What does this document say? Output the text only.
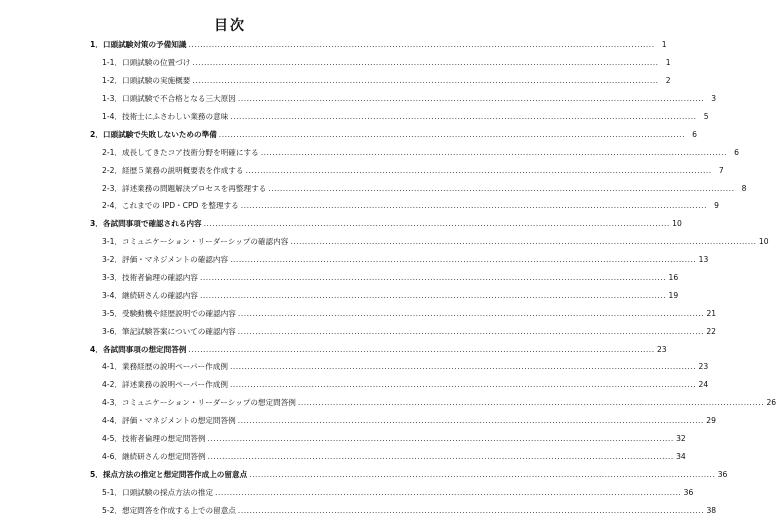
目次
1． 口頭試験対策の予備知識 .....	1
1-1． 口頭試験の位置づけ .....	1
1-2． 口頭試験の実施概要 .....	2
1-3． 口頭試験で不合格となる三大原因 .....	3
1-4． 技術士にふさわしい業務の意味 .....	5
2． 口頭試験で失敗しないための準備 .....	6
2-1． 成長してきたコア技術分野を明確にする .....	6
2-2． 経歴５業務の説明概要表を作成する .....	7
2-3． 詳述業務の問題解決プロセスを再整理する .....	8
2-4． これまでの IPD・CPD を整理する .....	9
3． 各試問事項で確認される内容 .....	10
3-1． コミュニケーション・リーダーシップの確認内容 .....	10
3-2． 評価・マネジメントの確認内容 .....	13
3-3． 技術者倫理の確認内容 .....	16
3-4． 継続研さんの確認内容 .....	19
3-5． 受験動機や経歴説明での確認内容 .....	21
3-6． 筆記試験答案についての確認内容 .....	22
4． 各試問事項の想定問答例 .....	23
4-1． 業務経歴の説明ペーパー作成例 .....	23
4-2． 詳述業務の説明ペーパー作成例 .....	24
4-3． コミュニケーション・リーダーシップの想定問答例 .....	26
4-4． 評価・マネジメントの想定問答例 .....	29
4-5． 技術者倫理の想定問答例 .....	32
4-6． 継続研さんの想定問答例 .....	34
5． 採点方法の推定と想定問答作成上の留意点 .....	36
5-1． 口頭試験の採点方法の推定 .....	36
5-2． 想定問答を作成する上での留意点 .....	38
